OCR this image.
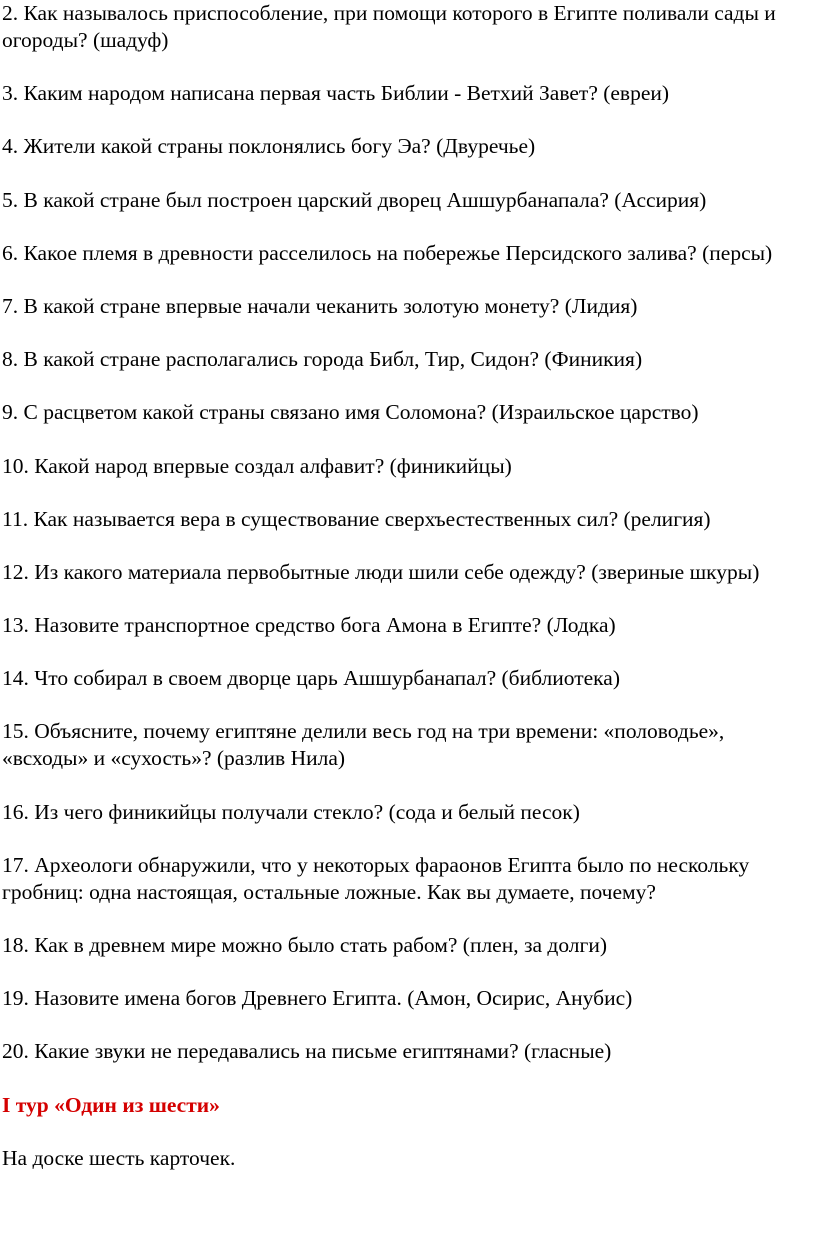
2. Как называлось приспособление, при помощи которого в Египте поливали сады и огороды? (шадуф)

3. Каким народом написана первая часть Библии - Ветхий Завет? (евреи)

4. Жители какой страны поклонялись богу Эа? (Двуречье)

5. В какой стране был построен царский дворец Ашшурбанапала? (Ассирия)

6. Какое племя в древности расселилось на побережье Персидского залива? (персы)

7. В какой стране впервые начали чеканить золотую монету? (Лидия)

8. В какой стране располагались города Библ, Тир, Сидон? (Финикия)

9. С расцветом какой страны связано имя Соломона? (Израильское царство)

10. Какой народ впервые создал алфавит? (финикийцы)

11. Как называется вера в существование сверхъестественных сил? (религия)

12. Из какого материала первобытные люди шили себе одежду? (звериные шкуры)

13. Назовите транспортное средство бога Амона в Египте? (Лодка)

14. Что собирал в своем дворце царь Ашшурбанапал? (библиотека)

15. Объясните, почему египтяне делили весь год на три времени: «половодье», «всходы» и «сухость»? (разлив Нила)

16. Из чего финикийцы получали стекло? (сода и белый песок)

17. Археологи обнаружили, что у некоторых фараонов Египта было по нескольку гробниц: одна настоящая, остальные ложные. Как вы думаете, почему?

18. Как в древнем мире можно было стать рабом? (плен, за долги)

19. Назовите имена богов Древнего Египта. (Амон, Осирис, Анубис)

20. Какие звуки не передавались на письме египтянами? (гласные)

I тур «Один из шести»

На доске шесть карточек.
